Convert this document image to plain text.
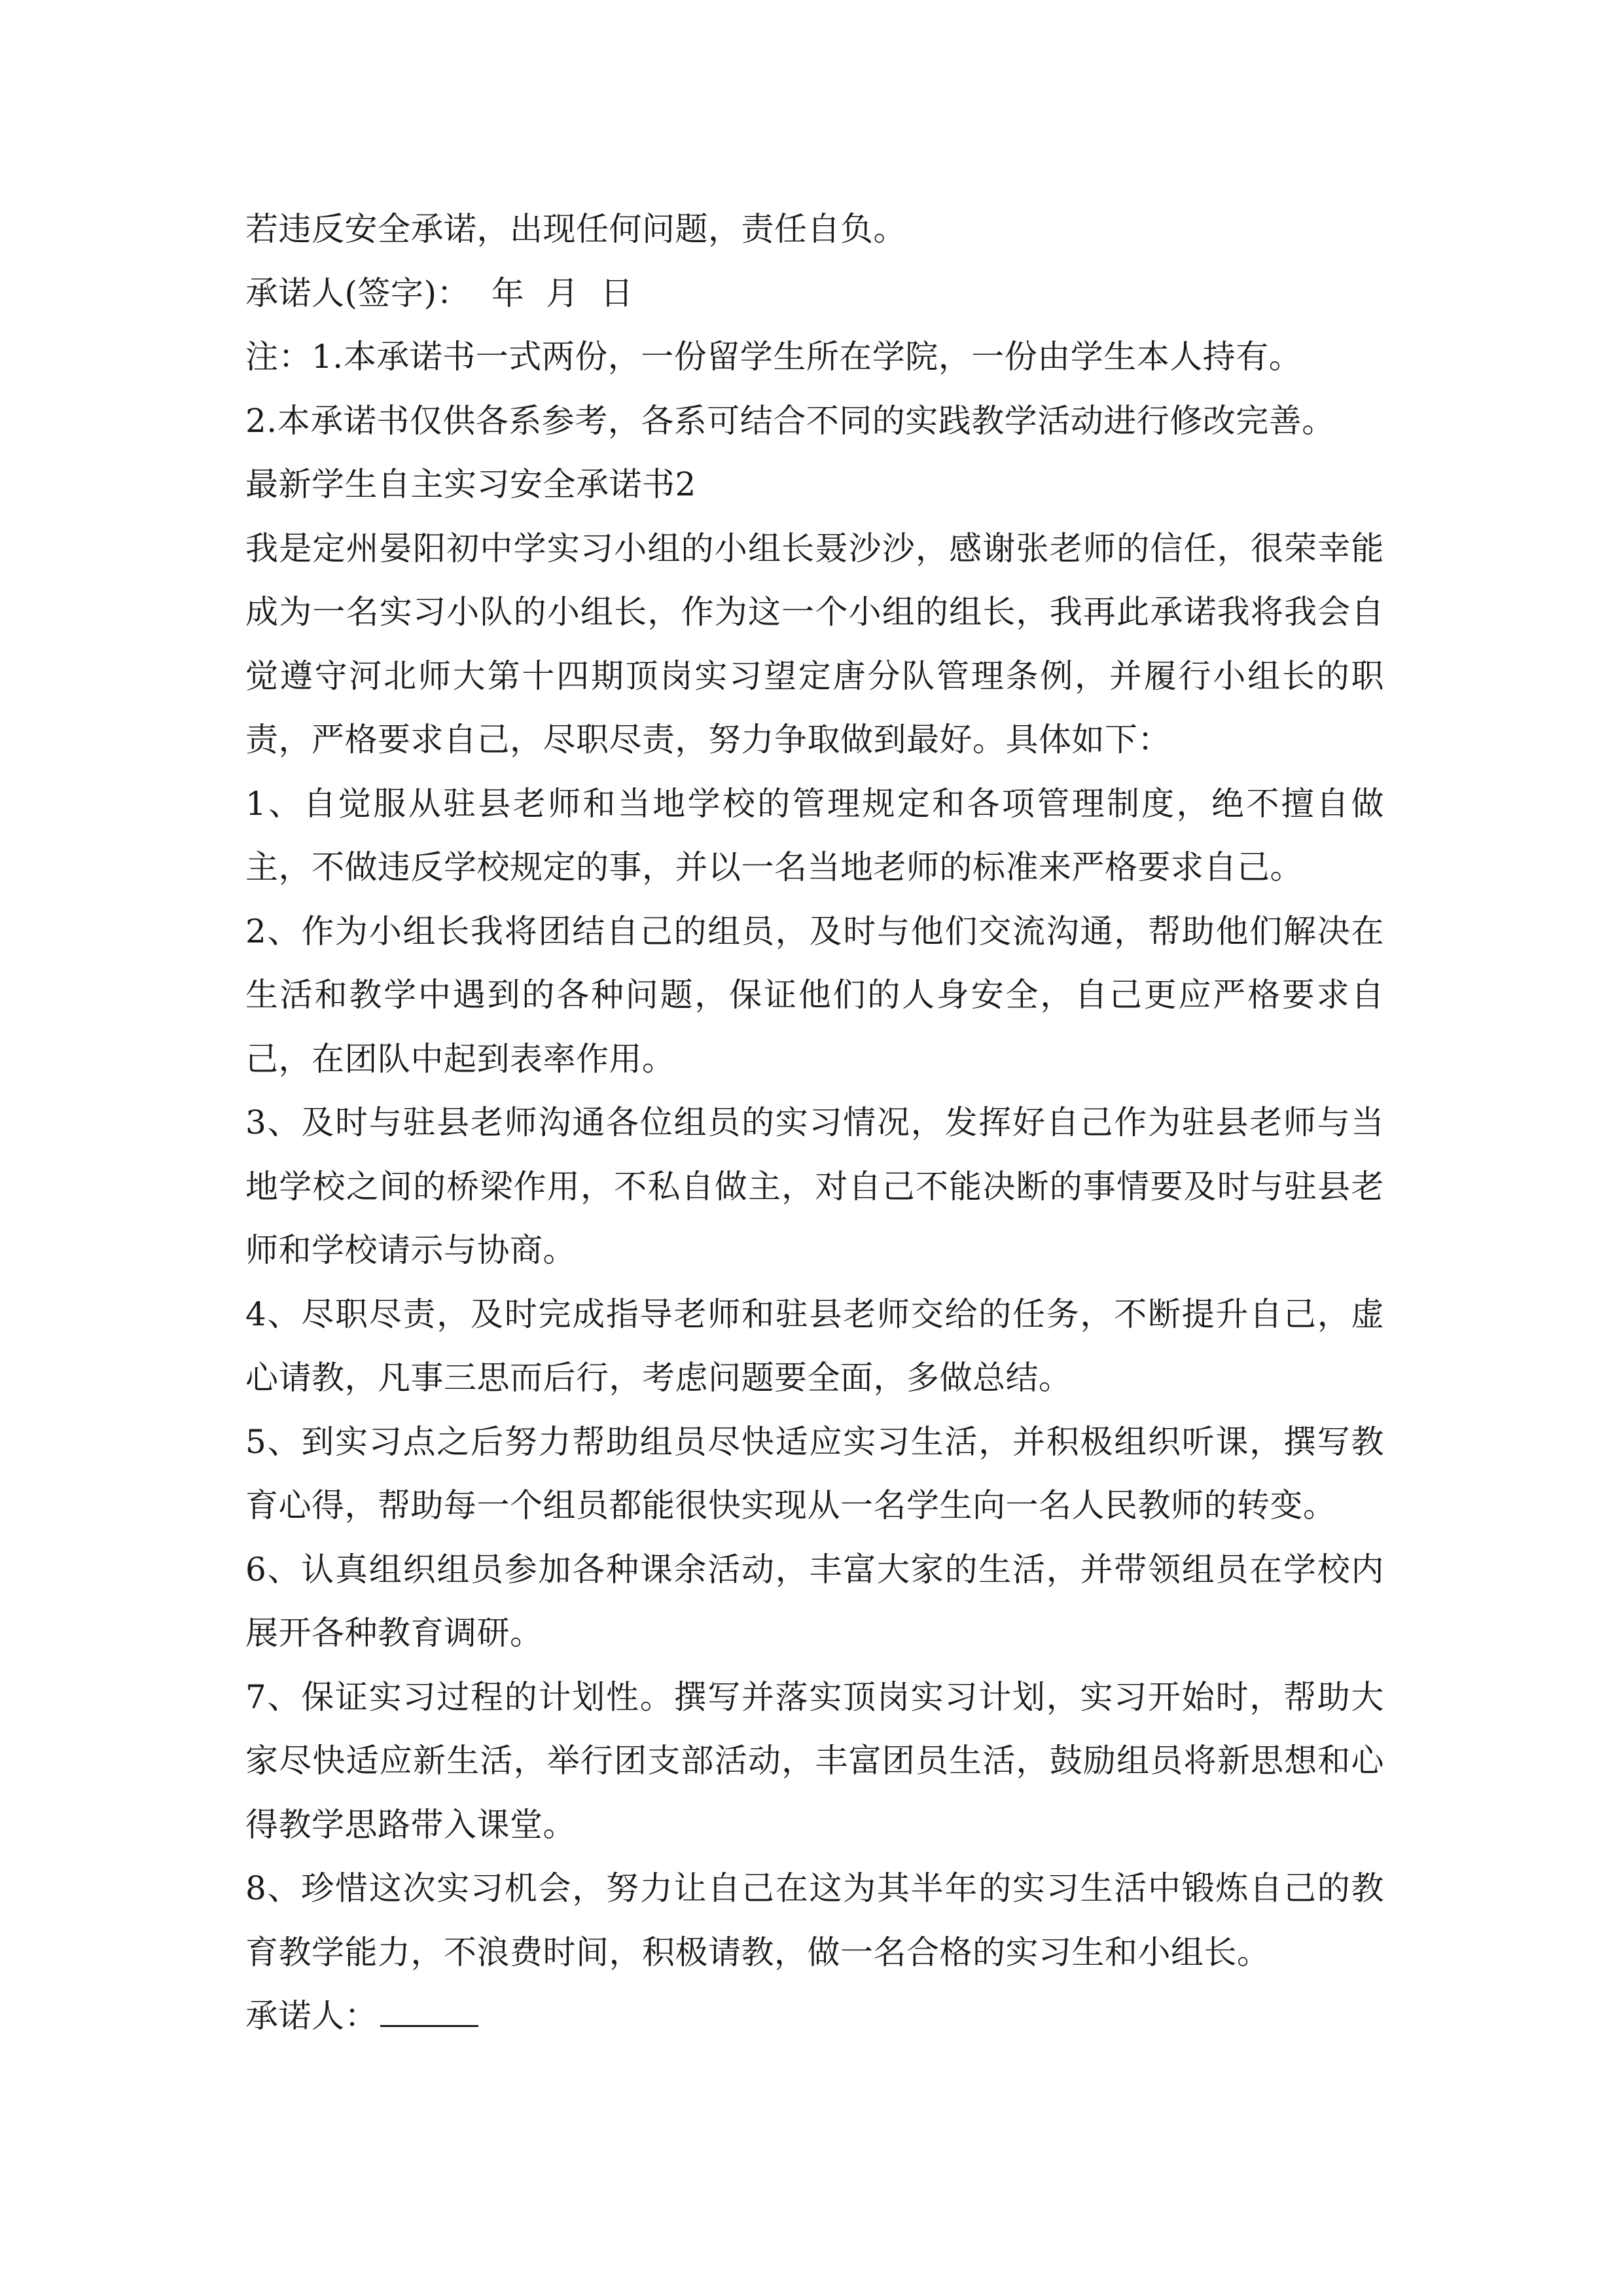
若违反安全承诺，出现任何问题，责任自负。

承诺人(签字)：  年  月  日

注：1.本承诺书一式两份，一份留学生所在学院，一份由学生本人持有。

2.本承诺书仅供各系参考，各系可结合不同的实践教学活动进行修改完善。

最新学生自主实习安全承诺书2

我是定州晏阳初中学实习小组的小组长聂沙沙，感谢张老师的信任，很荣幸能成为一名实习小队的小组长，作为这一个小组的组长，我再此承诺我将我会自觉遵守河北师大第十四期顶岗实习望定唐分队管理条例，并履行小组长的职责，严格要求自己，尽职尽责，努力争取做到最好。具体如下：

1、自觉服从驻县老师和当地学校的管理规定和各项管理制度，绝不擅自做主，不做违反学校规定的事，并以一名当地老师的标准来严格要求自己。

2、作为小组长我将团结自己的组员，及时与他们交流沟通，帮助他们解决在生活和教学中遇到的各种问题，保证他们的人身安全，自己更应严格要求自己，在团队中起到表率作用。

3、及时与驻县老师沟通各位组员的实习情况，发挥好自己作为驻县老师与当地学校之间的桥梁作用，不私自做主，对自己不能决断的事情要及时与驻县老师和学校请示与协商。

4、尽职尽责，及时完成指导老师和驻县老师交给的任务，不断提升自己，虚心请教，凡事三思而后行，考虑问题要全面，多做总结。

5、到实习点之后努力帮助组员尽快适应实习生活，并积极组织听课，撰写教育心得，帮助每一个组员都能很快实现从一名学生向一名人民教师的转变。

6、认真组织组员参加各种课余活动，丰富大家的生活，并带领组员在学校内展开各种教育调研。

7、保证实习过程的计划性。撰写并落实顶岗实习计划，实习开始时，帮助大家尽快适应新生活，举行团支部活动，丰富团员生活，鼓励组员将新思想和心得教学思路带入课堂。

8、珍惜这次实习机会，努力让自己在这为其半年的实习生活中锻炼自己的教育教学能力，不浪费时间，积极请教，做一名合格的实习生和小组长。

承诺人：
